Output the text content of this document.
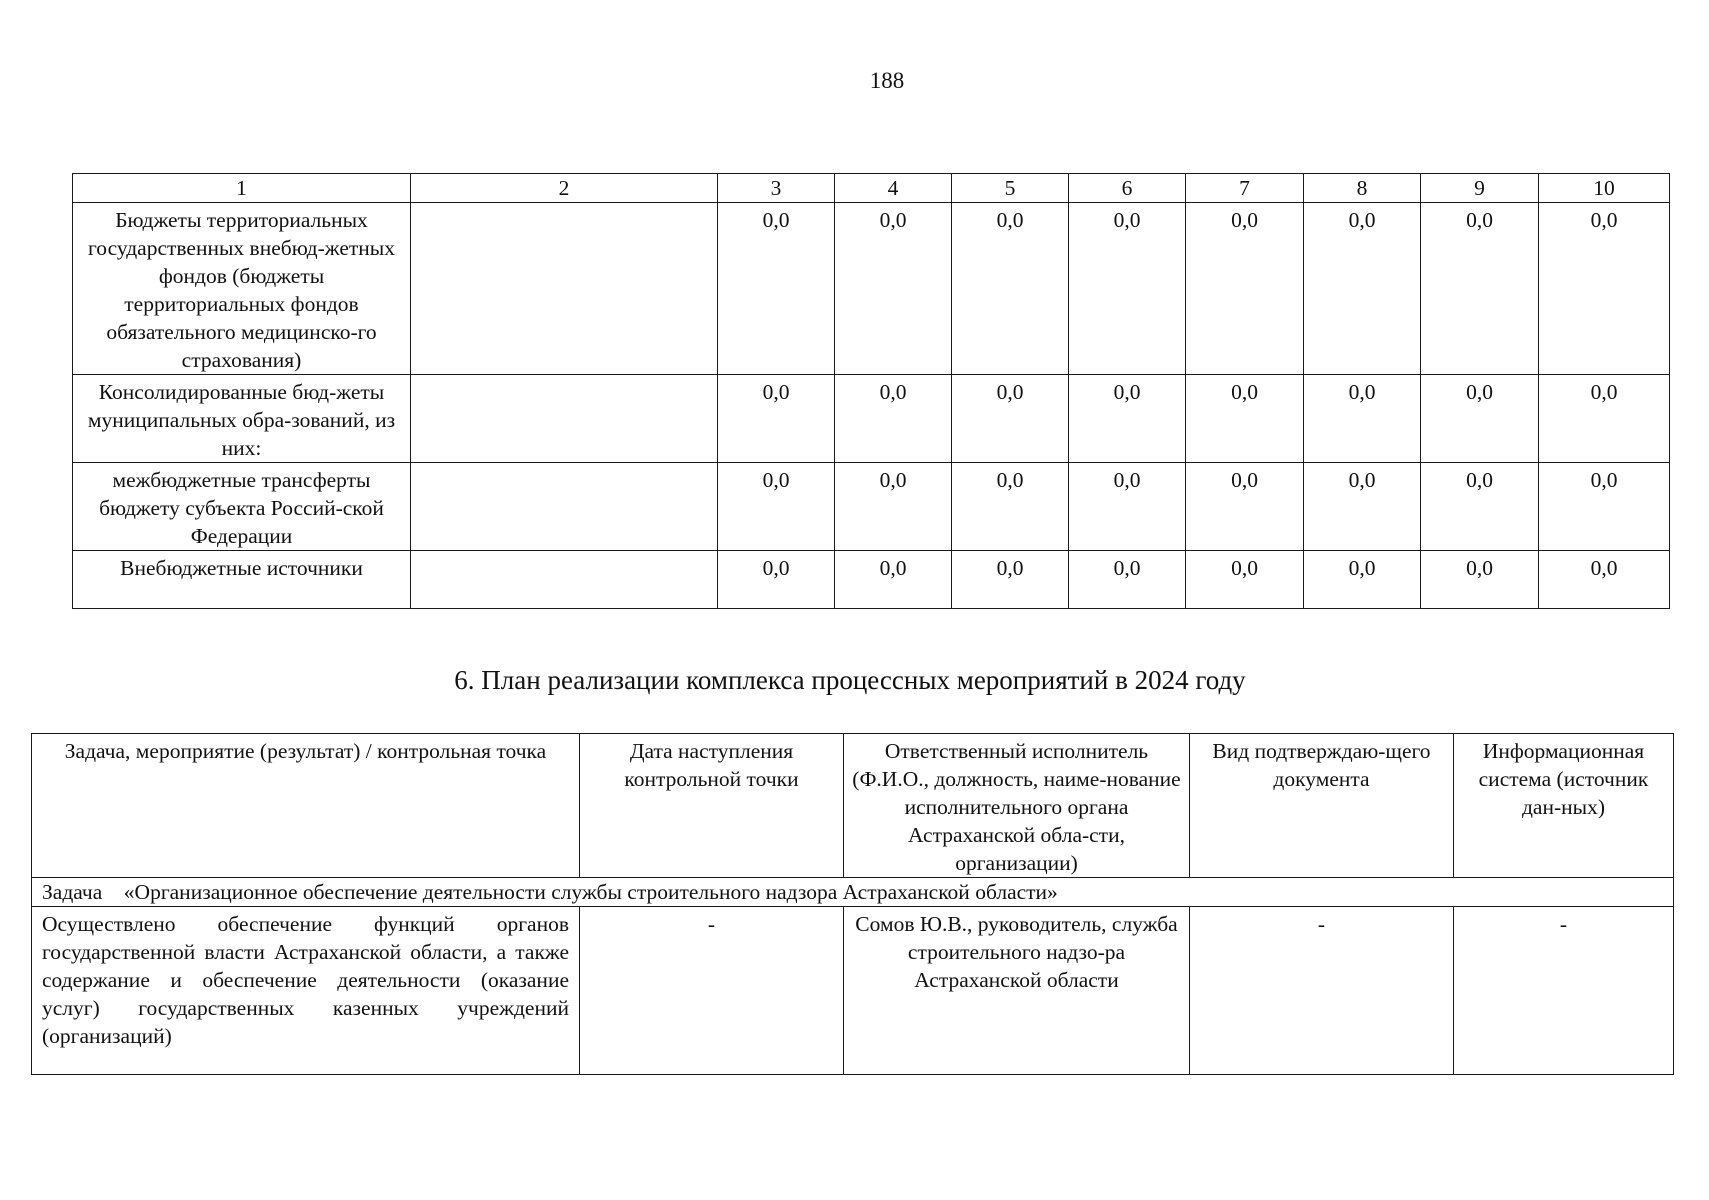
188
1	2	3	4	5	6	7	8	9	10
Бюджеты территориальных государственных внебюд-жетных фондов (бюджеты территориальных фондов обязательного медицинско-го страхования)		0,0	0,0	0,0	0,0	0,0	0,0	0,0	0,0
Консолидированные бюд-жеты муниципальных обра-зований, из них:		0,0	0,0	0,0	0,0	0,0	0,0	0,0	0,0
межбюджетные трансферты бюджету субъекта Россий-ской Федерации		0,0	0,0	0,0	0,0	0,0	0,0	0,0	0,0
Внебюджетные источники		0,0	0,0	0,0	0,0	0,0	0,0	0,0	0,0
6. План реализации комплекса процессных мероприятий в 2024 году
Задача, мероприятие (результат) / контрольная точка	Дата наступления контрольной точки	Ответственный исполнитель (Ф.И.О., должность, наиме-нование исполнительного органа Астраханской обла-сти, организации)	Вид подтверждаю-щего документа	Информационная система (источник дан-ных)
Задача «Организационное обеспечение деятельности службы строительного надзора Астраханской области»				
Осуществлено обеспечение функций органов государственной власти Астраханской области, а также содержание и обеспечение деятельности (оказание услуг) государственных казенных учреждений (организаций)	-	Сомов Ю.В., руководитель, служба строительного надзо-ра Астраханской области	-	-
